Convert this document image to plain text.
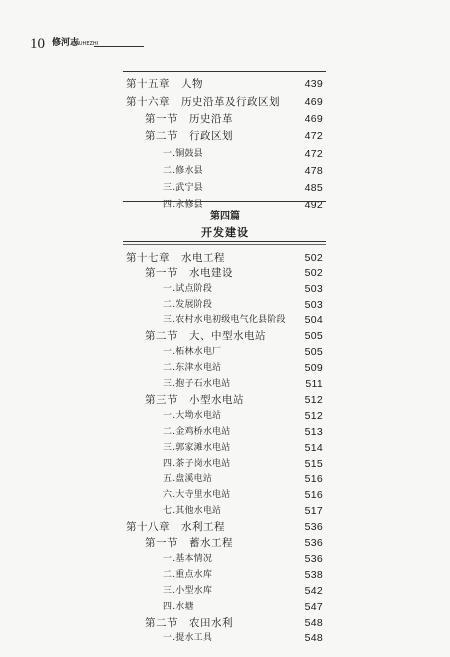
10 修河志
XIUHEZHI
第十五章　人物	439
第十六章　历史沿革及行政区划 469
第一节　历史沿革	469
第二节　行政区划	472
一.铜鼓县	472
二.修水县	478
三.武宁县	485
四.永修县	492
第四篇
开发建设
第十七章　水电工程	502
第一节　水电建设	502
一.试点阶段	503
二.发展阶段	503
三.农村水电初级电气化县阶段 504
第二节　大、中型水电站	505
一.柘林水电厂	505
二.东津水电站	509
三.抱子石水电站	511
第三节　小型水电站	512
一.大坳水电站	512
二.金鸡桥水电站	513
三.郭家滩水电站	514
四.茶子岗水电站	515
五.盘溪电站	516
六.大寺里水电站	516
七.其他水电站	517
第十八章　水利工程	536
第一节　蓄水工程	536
一.基本情况	536
二.重点水库	538
三.小型水库	542
四.水塘	547
第二节　农田水利	548
一.提水工具	548
